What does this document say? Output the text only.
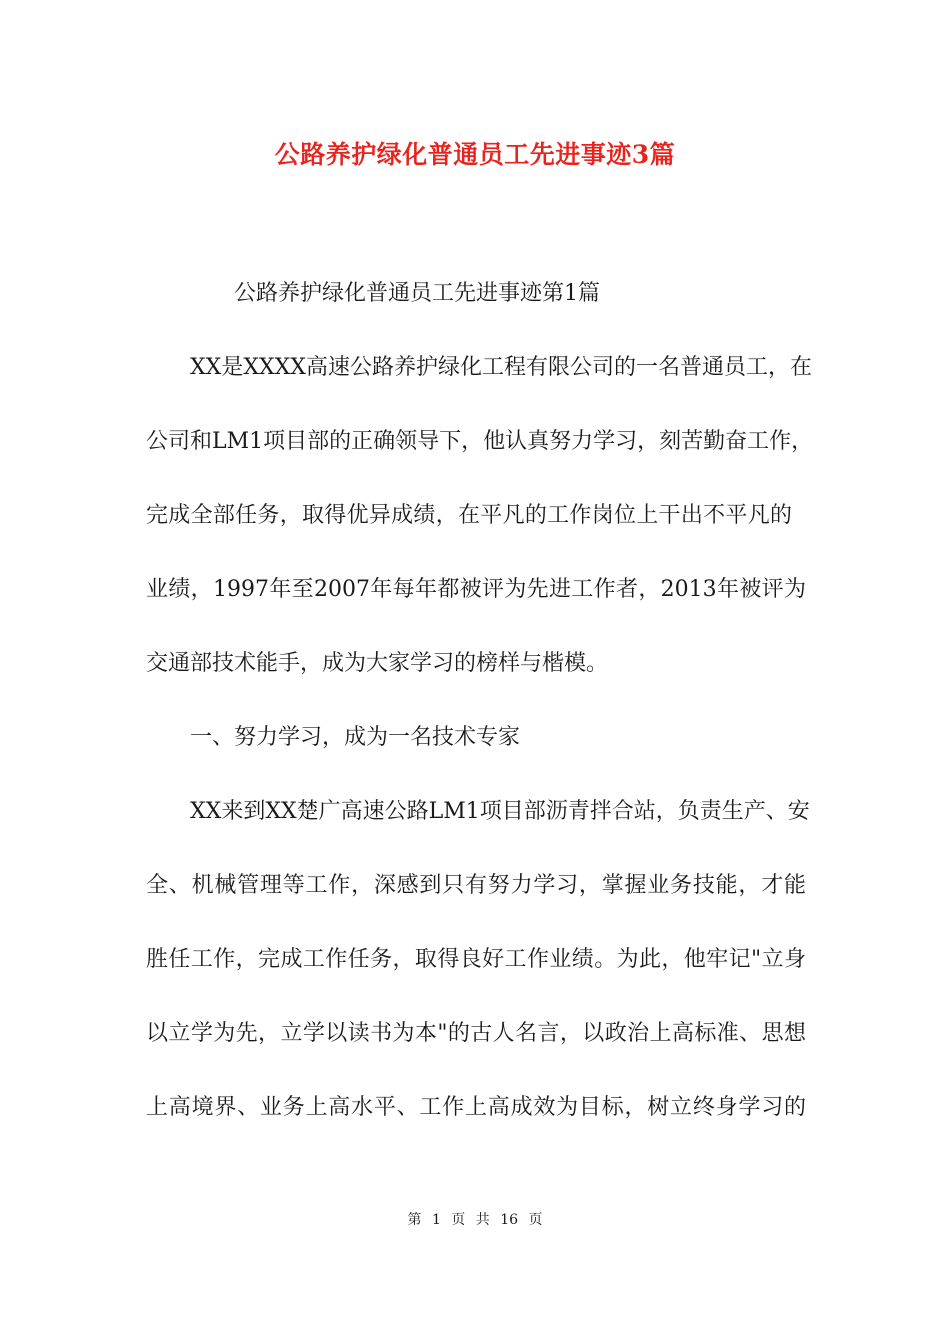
公路养护绿化普通员工先进事迹3篇
公路养护绿化普通员工先进事迹第1篇
XX是XXXX高速公路养护绿化工程有限公司的一名普通员工，在
公司和LM1项目部的正确领导下，他认真努力学习，刻苦勤奋工作，
完成全部任务，取得优异成绩，在平凡的工作岗位上干出不平凡的
业绩，1997年至2007年每年都被评为先进工作者，2013年被评为
交通部技术能手，成为大家学习的榜样与楷模。
一、努力学习，成为一名技术专家
XX来到XX楚广高速公路LM1项目部沥青拌合站，负责生产、安
全、机械管理等工作，深感到只有努力学习，掌握业务技能，才能
胜任工作，完成工作任务，取得良好工作业绩。为此，他牢记"立身
以立学为先，立学以读书为本"的古人名言，以政治上高标准、思想
上高境界、业务上高水平、工作上高成效为目标，树立终身学习的
第 1 页 共 16 页
